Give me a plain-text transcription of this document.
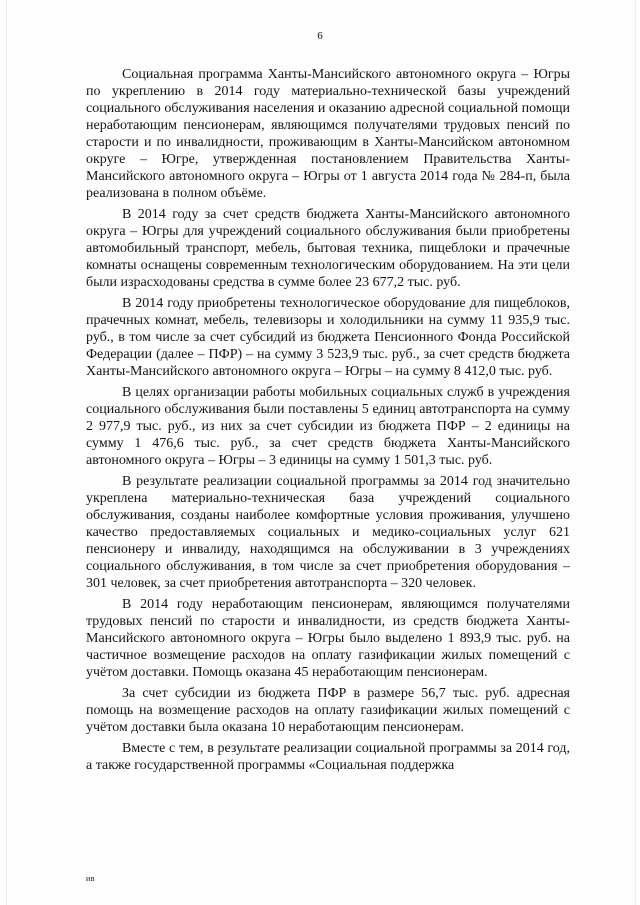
6

Социальная программа Ханты-Мансийского автономного округа – Югры по укреплению в 2014 году материально-технической базы учреждений социального обслуживания населения и оказанию адресной социальной помощи неработающим пенсионерам, являющимся получателями трудовых пенсий по старости и по инвалидности, проживающим в Ханты-Мансийском автономном округе – Югре, утвержденная постановлением Правительства Ханты-Мансийского автономного округа – Югры от 1 августа 2014 года № 284-п, была реализована в полном объёме.

В 2014 году за счет средств бюджета Ханты-Мансийского автономного округа – Югры для учреждений социального обслуживания были приобретены автомобильный транспорт, мебель, бытовая техника, пищеблоки и прачечные комнаты оснащены современным технологическим оборудованием. На эти цели были израсходованы средства в сумме более 23 677,2 тыс. руб.

В 2014 году приобретены технологическое оборудование для пищеблоков, прачечных комнат, мебель, телевизоры и холодильники на сумму 11 935,9 тыс. руб., в том числе за счет субсидий из бюджета Пенсионного Фонда Российской Федерации (далее – ПФР) – на сумму 3 523,9 тыс. руб., за счет средств бюджета Ханты-Мансийского автономного округа – Югры – на сумму 8 412,0 тыс. руб.

В целях организации работы мобильных социальных служб в учреждения социального обслуживания были поставлены 5 единиц автотранспорта на сумму 2 977,9 тыс. руб., из них за счет субсидии из бюджета ПФР – 2 единицы на сумму 1 476,6 тыс. руб., за счет средств бюджета Ханты-Мансийского автономного округа – Югры – 3 единицы на сумму 1 501,3 тыс. руб.

В результате реализации социальной программы за 2014 год значительно укреплена материально-техническая база учреждений социального обслуживания, созданы наиболее комфортные условия проживания, улучшено качество предоставляемых социальных и медико-социальных услуг 621 пенсионеру и инвалиду, находящимся на обслуживании в 3 учреждениях социального обслуживания, в том числе за счет приобретения оборудования – 301 человек, за счет приобретения автотранспорта – 320 человек.

В 2014 году неработающим пенсионерам, являющимся получателями трудовых пенсий по старости и инвалидности, из средств бюджета Ханты-Мансийского автономного округа – Югры было выделено 1 893,9 тыс. руб. на частичное возмещение расходов на оплату газификации жилых помещений с учётом доставки. Помощь оказана 45 неработающим пенсионерам.

За счет субсидии из бюджета ПФР в размере 56,7 тыс. руб. адресная помощь на возмещение расходов на оплату газификации жилых помещений с учётом доставки была оказана 10 неработающим пенсионерам.

Вместе с тем, в результате реализации социальной программы за 2014 год, а также государственной программы «Социальная поддержка

ив
